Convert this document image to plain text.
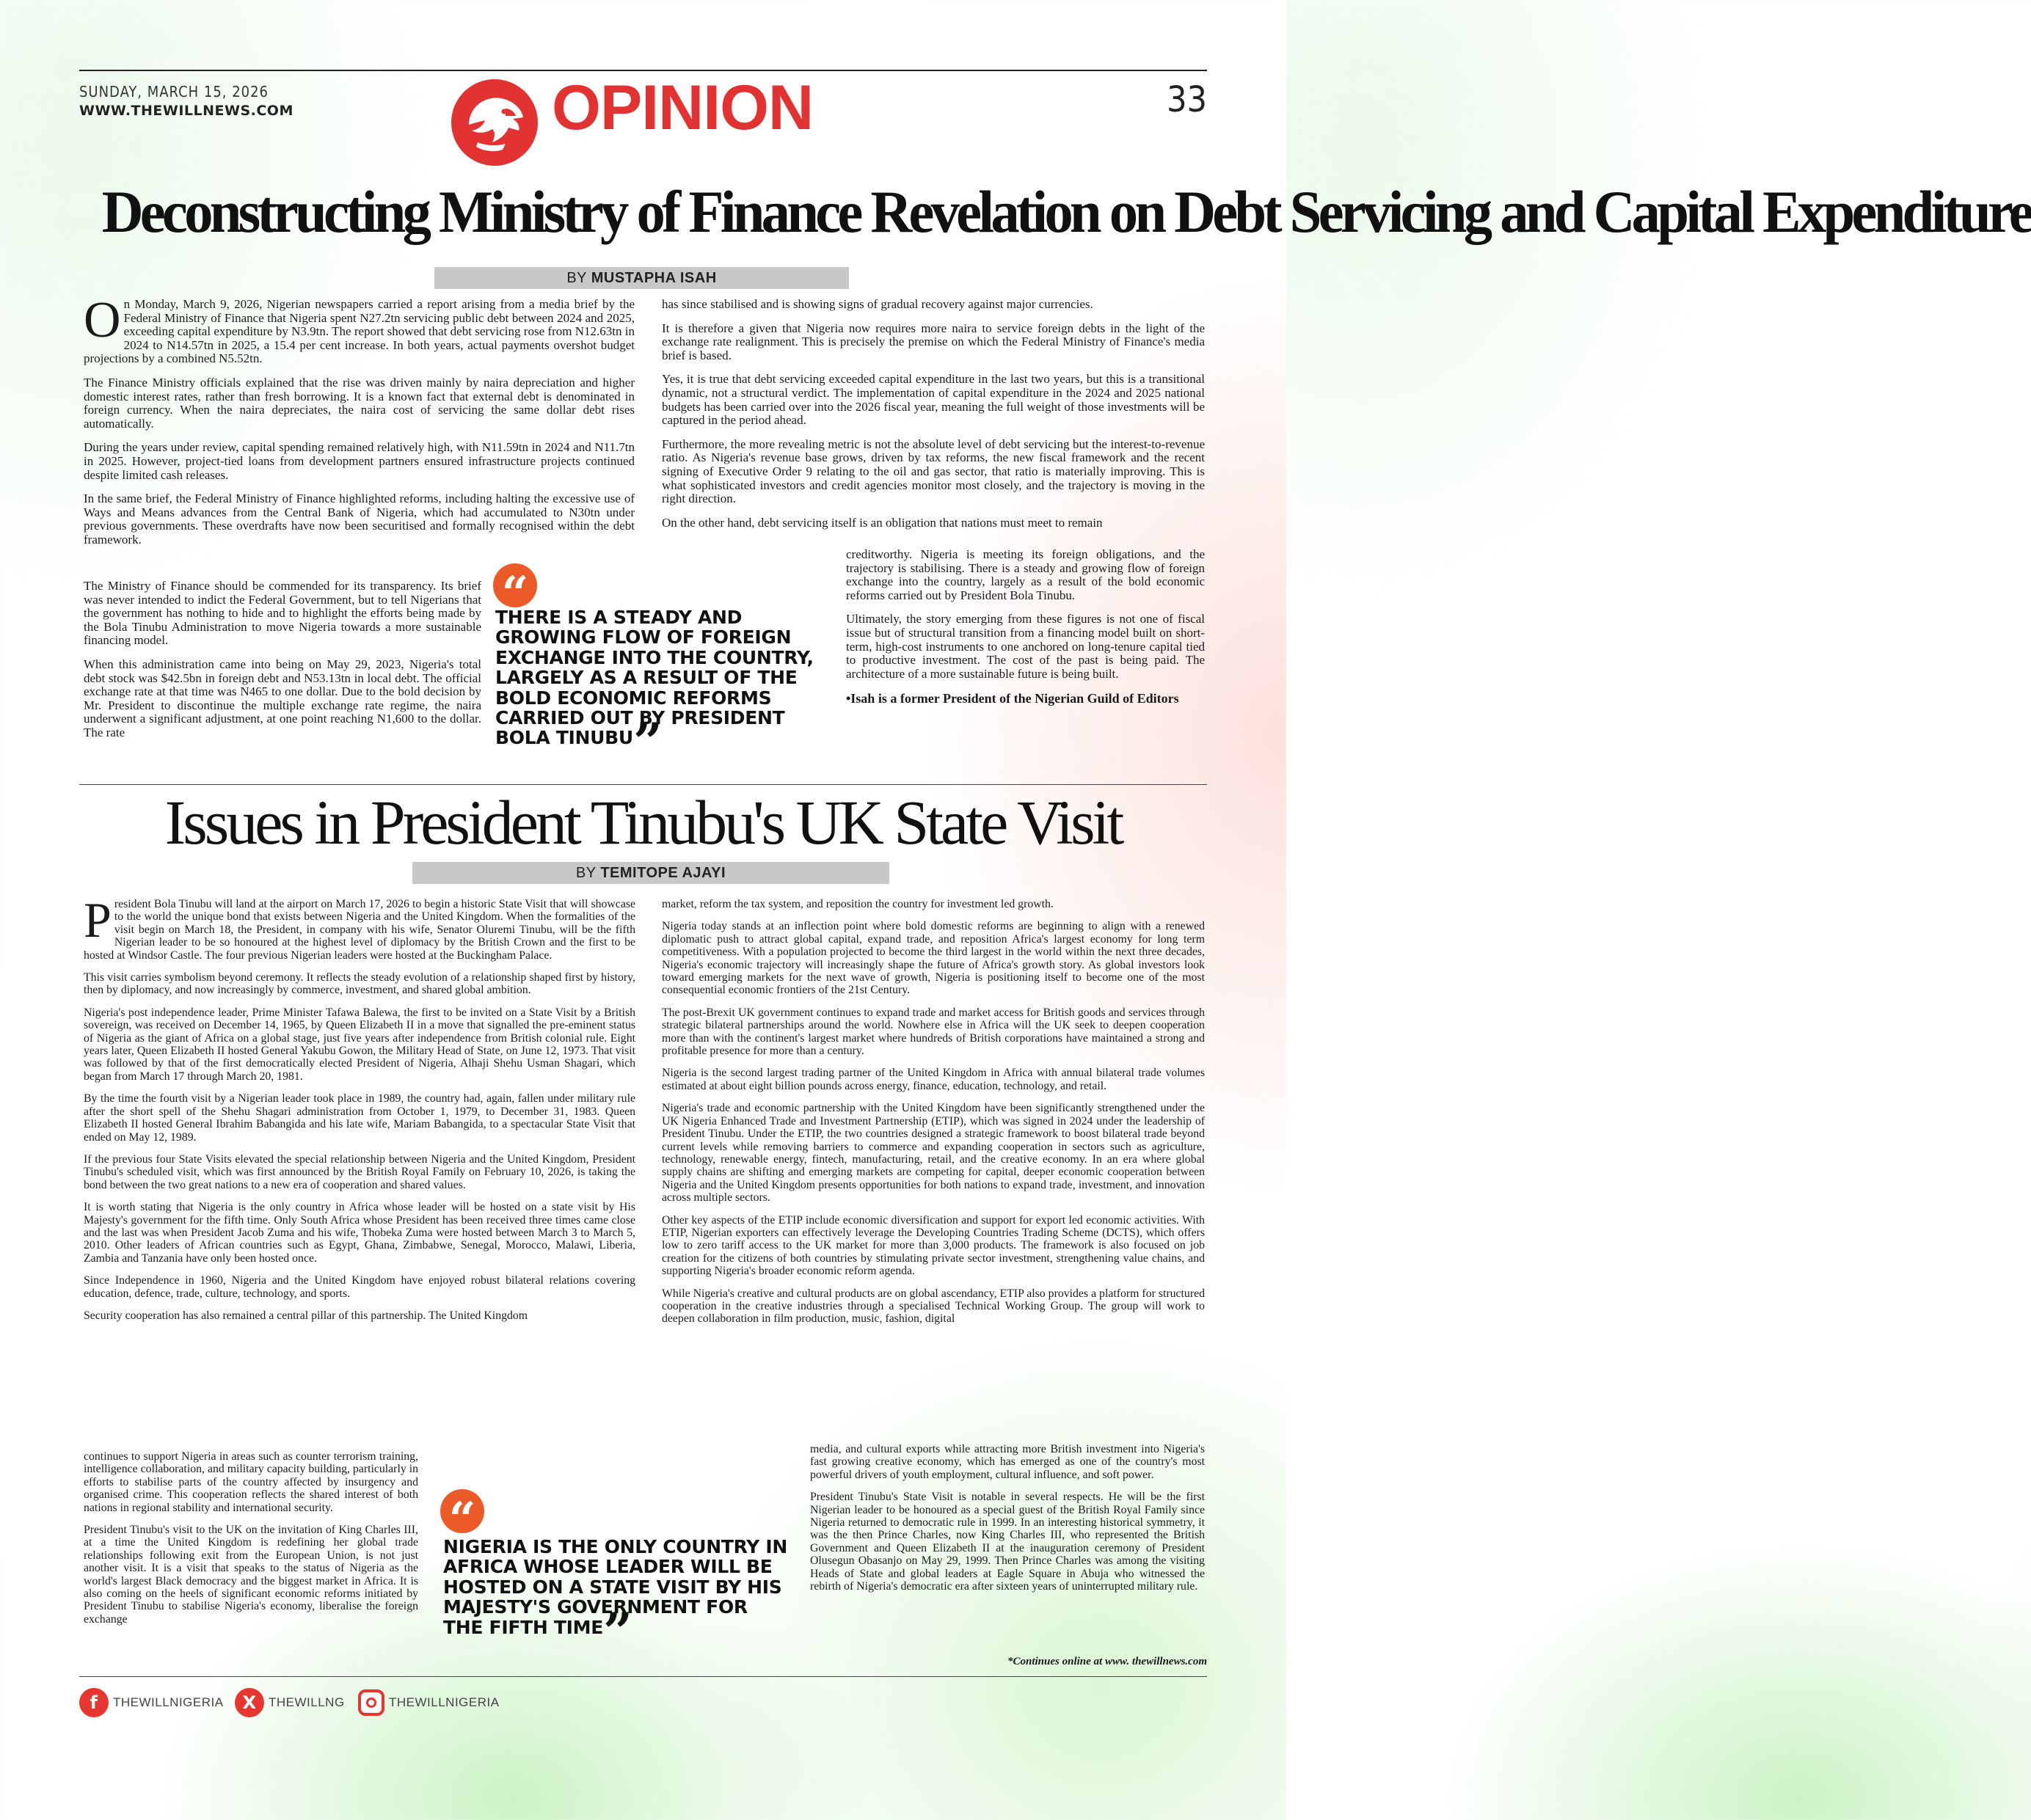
SUNDAY, MARCH 15, 2026
WWW.THEWILLNEWS.COM	OPINION	33
Deconstructing Ministry of Finance Revelation on Debt Servicing and Capital Expenditure
BY MUSTAPHA ISAH

On Monday, March 9, 2026, Nigerian newspapers carried a report arising from a media brief by the Federal Ministry of Finance that Nigeria spent N27.2tn servicing public debt between 2024 and 2025, exceeding capital expenditure by N3.9tn. The report showed that debt servicing rose from N12.63tn in 2024 to N14.57tn in 2025, a 15.4 per cent increase. In both years, actual payments overshot budget projections by a combined N5.52tn.

The Finance Ministry officials explained that the rise was driven mainly by naira depreciation and higher domestic interest rates, rather than fresh borrowing. It is a known fact that external debt is denominated in foreign currency. When the naira depreciates, the naira cost of servicing the same dollar debt rises automatically.

During the years under review, capital spending remained relatively high, with N11.59tn in 2024 and N11.7tn in 2025. However, project-tied loans from development partners ensured infrastructure projects continued despite limited cash releases.

In the same brief, the Federal Ministry of Finance highlighted reforms, including halting the excessive use of Ways and Means advances from the Central Bank of Nigeria, which had accumulated to N30tn under previous governments. These overdrafts have now been securitised and formally recognised within the debt framework.

The Ministry of Finance should be commended for its transparency. Its brief was never intended to indict the Federal Government, but to tell Nigerians that the government has nothing to hide and to highlight the efforts being made by the Bola Tinubu Administration to move Nigeria towards a more sustainable financing model.

When this administration came into being on May 29, 2023, Nigeria's total debt stock was $42.5bn in foreign debt and N53.13tn in local debt. The official exchange rate at that time was N465 to one dollar. Due to the bold decision by Mr. President to discontinue the multiple exchange rate regime, the naira underwent a significant adjustment, at one point reaching N1,600 to the dollar. The rate

has since stabilised and is showing signs of gradual recovery against major currencies.

It is therefore a given that Nigeria now requires more naira to service foreign debts in the light of the exchange rate realignment. This is precisely the premise on which the Federal Ministry of Finance's media brief is based.

Yes, it is true that debt servicing exceeded capital expenditure in the last two years, but this is a transitional dynamic, not a structural verdict. The implementation of capital expenditure in the 2024 and 2025 national budgets has been carried over into the 2026 fiscal year, meaning the full weight of those investments will be captured in the period ahead.

Furthermore, the more revealing metric is not the absolute level of debt servicing but the interest-to-revenue ratio. As Nigeria's revenue base grows, driven by tax reforms, the new fiscal framework and the recent signing of Executive Order 9 relating to the oil and gas sector, that ratio is materially improving. This is what sophisticated investors and credit agencies monitor most closely, and the trajectory is moving in the right direction.

On the other hand, debt servicing itself is an obligation that nations must meet to remain

creditworthy. Nigeria is meeting its foreign obligations, and the trajectory is stabilising. There is a steady and growing flow of foreign exchange into the country, largely as a result of the bold economic reforms carried out by President Bola Tinubu.

Ultimately, the story emerging from these figures is not one of fiscal issue but of structural transition from a financing model built on short-term, high-cost instruments to one anchored on long-tenure capital tied to productive investment. The cost of the past is being paid. The architecture of a more sustainable future is being built.

•Isah is a former President of the Nigerian Guild of Editors
“
THERE IS A STEADY AND GROWING FLOW OF FOREIGN EXCHANGE INTO THE COUNTRY, LARGELY AS A RESULT OF THE BOLD ECONOMIC REFORMS CARRIED OUT BY PRESIDENT BOLA TINUBU”
Issues in President Tinubu's UK State Visit
BY TEMITOPE AJAYI

President Bola Tinubu will land at the airport on March 17, 2026 to begin a historic State Visit that will showcase to the world the unique bond that exists between Nigeria and the United Kingdom. When the formalities of the visit begin on March 18, the President, in company with his wife, Senator Oluremi Tinubu, will be the fifth Nigerian leader to be so honoured at the highest level of diplomacy by the British Crown and the first to be hosted at Windsor Castle. The four previous Nigerian leaders were hosted at the Buckingham Palace.

This visit carries symbolism beyond ceremony. It reflects the steady evolution of a relationship shaped first by history, then by diplomacy, and now increasingly by commerce, investment, and shared global ambition.

Nigeria's post independence leader, Prime Minister Tafawa Balewa, the first to be invited on a State Visit by a British sovereign, was received on December 14, 1965, by Queen Elizabeth II in a move that signalled the pre-eminent status of Nigeria as the giant of Africa on a global stage, just five years after independence from British colonial rule. Eight years later, Queen Elizabeth II hosted General Yakubu Gowon, the Military Head of State, on June 12, 1973. That visit was followed by that of the first democratically elected President of Nigeria, Alhaji Shehu Usman Shagari, which began from March 17 through March 20, 1981.

By the time the fourth visit by a Nigerian leader took place in 1989, the country had, again, fallen under military rule after the short spell of the Shehu Shagari administration from October 1, 1979, to December 31, 1983. Queen Elizabeth II hosted General Ibrahim Babangida and his late wife, Mariam Babangida, to a spectacular State Visit that ended on May 12, 1989.

If the previous four State Visits elevated the special relationship between Nigeria and the United Kingdom, President Tinubu's scheduled visit, which was first announced by the British Royal Family on February 10, 2026, is taking the bond between the two great nations to a new era of cooperation and shared values.

It is worth stating that Nigeria is the only country in Africa whose leader will be hosted on a state visit by His Majesty's government for the fifth time. Only South Africa whose President has been received three times came close and the last was when President Jacob Zuma and his wife, Thobeka Zuma were hosted between March 3 to March 5, 2010. Other leaders of African countries such as Egypt, Ghana, Zimbabwe, Senegal, Morocco, Malawi, Liberia, Zambia and Tanzania have only been hosted once.

Since Independence in 1960, Nigeria and the United Kingdom have enjoyed robust bilateral relations covering education, defence, trade, culture, technology, and sports.

Security cooperation has also remained a central pillar of this partnership. The United Kingdom

continues to support Nigeria in areas such as counter terrorism training, intelligence collaboration, and military capacity building, particularly in efforts to stabilise parts of the country affected by insurgency and organised crime. This cooperation reflects the shared interest of both nations in regional stability and international security.

President Tinubu's visit to the UK on the invitation of King Charles III, at a time the United Kingdom is redefining her global trade relationships following exit from the European Union, is not just another visit. It is a visit that speaks to the status of Nigeria as the world's largest Black democracy and the biggest market in Africa. It is also coming on the heels of significant economic reforms initiated by President Tinubu to stabilise Nigeria's economy, liberalise the foreign exchange

market, reform the tax system, and reposition the country for investment led growth.

Nigeria today stands at an inflection point where bold domestic reforms are beginning to align with a renewed diplomatic push to attract global capital, expand trade, and reposition Africa's largest economy for long term competitiveness. With a population projected to become the third largest in the world within the next three decades, Nigeria's economic trajectory will increasingly shape the future of Africa's growth story. As global investors look toward emerging markets for the next wave of growth, Nigeria is positioning itself to become one of the most consequential economic frontiers of the 21st Century.

The post-Brexit UK government continues to expand trade and market access for British goods and services through strategic bilateral partnerships around the world. Nowhere else in Africa will the UK seek to deepen cooperation more than with the continent's largest market where hundreds of British corporations have maintained a strong and profitable presence for more than a century.

Nigeria is the second largest trading partner of the United Kingdom in Africa with annual bilateral trade volumes estimated at about eight billion pounds across energy, finance, education, technology, and retail.

Nigeria's trade and economic partnership with the United Kingdom have been significantly strengthened under the UK Nigeria Enhanced Trade and Investment Partnership (ETIP), which was signed in 2024 under the leadership of President Tinubu. Under the ETIP, the two countries designed a strategic framework to boost bilateral trade beyond current levels while removing barriers to commerce and expanding cooperation in sectors such as agriculture, technology, renewable energy, fintech, manufacturing, retail, and the creative economy. In an era where global supply chains are shifting and emerging markets are competing for capital, deeper economic cooperation between Nigeria and the United Kingdom presents opportunities for both nations to expand trade, investment, and innovation across multiple sectors.

Other key aspects of the ETIP include economic diversification and support for export led economic activities. With ETIP, Nigerian exporters can effectively leverage the Developing Countries Trading Scheme (DCTS), which offers low to zero tariff access to the UK market for more than 3,000 products. The framework is also focused on job creation for the citizens of both countries by stimulating private sector investment, strengthening value chains, and supporting Nigeria's broader economic reform agenda.

While Nigeria's creative and cultural products are on global ascendancy, ETIP also provides a platform for structured cooperation in the creative industries through a specialised Technical Working Group. The group will work to deepen collaboration in film production, music, fashion, digital

media, and cultural exports while attracting more British investment into Nigeria's fast growing creative economy, which has emerged as one of the country's most powerful drivers of youth employment, cultural influence, and soft power.

President Tinubu's State Visit is notable in several respects. He will be the first Nigerian leader to be honoured as a special guest of the British Royal Family since Nigeria returned to democratic rule in 1999. In an interesting historical symmetry, it was the then Prince Charles, now King Charles III, who represented the British Government and Queen Elizabeth II at the inauguration ceremony of President Olusegun Obasanjo on May 29, 1999. Then Prince Charles was among the visiting Heads of State and global leaders at Eagle Square in Abuja who witnessed the rebirth of Nigeria's democratic era after sixteen years of uninterrupted military rule.

“
NIGERIA IS THE ONLY COUNTRY IN AFRICA WHOSE LEADER WILL BE HOSTED ON A STATE VISIT BY HIS MAJESTY'S GOVERNMENT FOR THE FIFTH TIME”	*Continues online at www. thewillnews.com
f	THEWILLNIGERIA	X THEWILLNG	THEWILLNIGERIA
